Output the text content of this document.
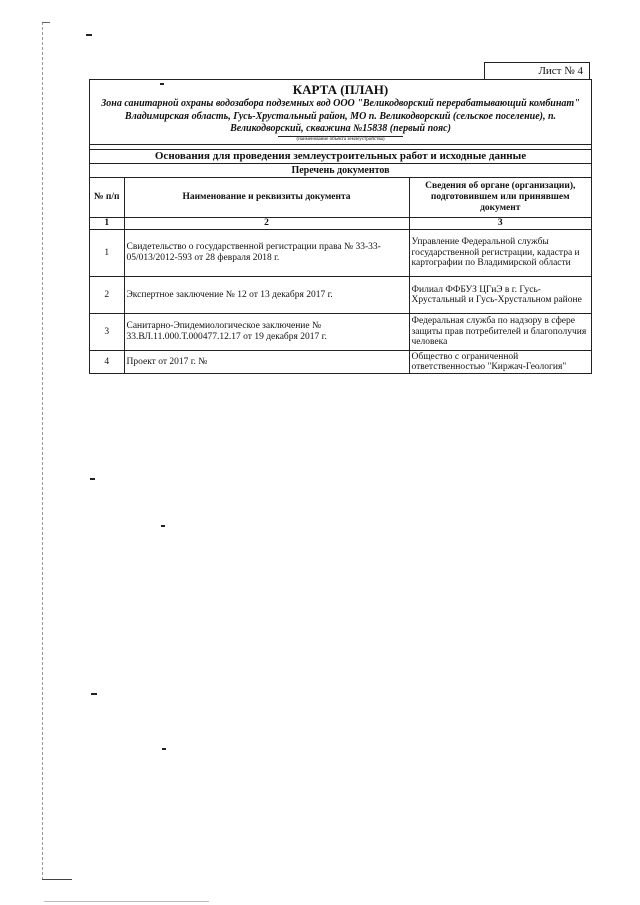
Лист № 4
КАРТА (ПЛАН)
Зона санитарной охраны водозабора подземных вод ООО "Великодворский перерабатывающий комбинат" Владимирская область, Гусь-Хрустальный район, МО п. Великодворский (сельское поселение), п. Великодворский, скважина №15838 (первый пояс)
(наименование объекта землеустройства)
Основания для проведения землеустроительных работ и исходные данные
Перечень документов
№ п/п	Наименование и реквизиты документа	Сведения об органе (организации), подготовившем или принявшем документ
1	2	3
1	Свидетельство о государственной регистрации права № 33-33-05/013/2012-593 от 28 февраля 2018 г.	Управление Федеральной службы государственной регистрации, кадастра и картографии по Владимирской области
2	Экспертное заключение № 12 от 13 декабря 2017 г.	Филиал ФФБУЗ ЦГиЭ в г. Гусь-Хрустальный и Гусь-Хрустальном районе
3	Санитарно-Эпидемиологическое заключение № 33.ВЛ.11.000.Т.000477.12.17 от 19 декабря 2017 г.	Федеральная служба по надзору в сфере защиты прав потребителей и благополучия человека
4	Проект от 2017 г. №	Общество с ограниченной ответственностью "Киржач-Геология"
